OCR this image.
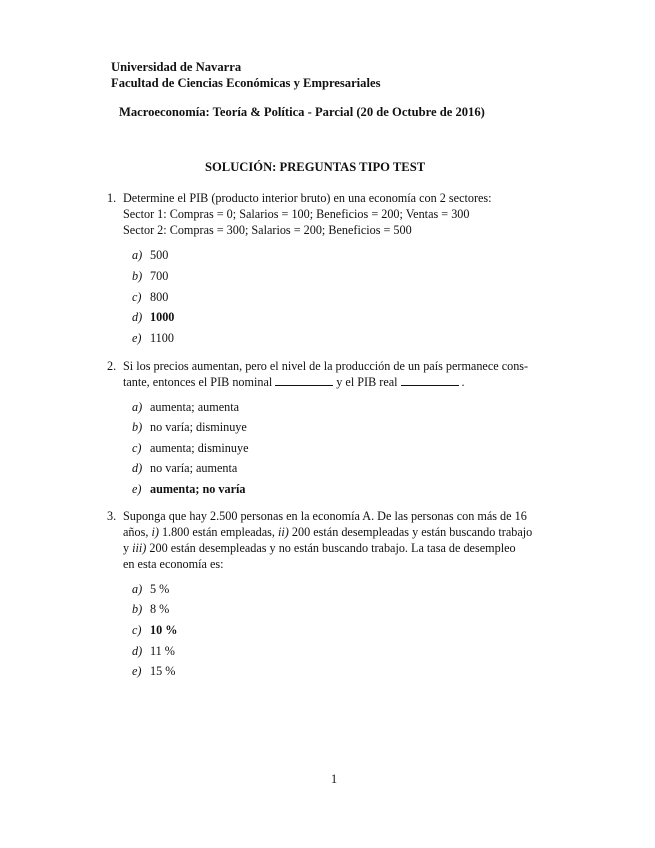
Universidad de Navarra
Facultad de Ciencias Económicas y Empresariales
Macroeconomía: Teoría & Política - Parcial (20 de Octubre de 2016)
SOLUCIÓN: PREGUNTAS TIPO TEST
1. Determine el PIB (producto interior bruto) en una economía con 2 sectores:
Sector 1: Compras = 0; Salarios = 100; Beneficios = 200; Ventas = 300
Sector 2: Compras = 300; Salarios = 200; Beneficios = 500
a) 500
b) 700
c) 800
d) 1000
e) 1100
2. Si los precios aumentan, pero el nivel de la producción de un país permanece cons-
tante, entonces el PIB nominal	y el PIB real	.
a) aumenta; aumenta
b) no varía; disminuye
c) aumenta; disminuye
d) no varía; aumenta
e) aumenta; no varía
3. Suponga que hay 2.500 personas en la economía A. De las personas con más de 16
años, i) 1.800 están empleadas, ii) 200 están desempleadas y están buscando trabajo
y iii) 200 están desempleadas y no están buscando trabajo. La tasa de desempleo
en esta economía es:
a) 5 %
b) 8 %
c) 10 %
d) 11 %
e) 15 %
1
